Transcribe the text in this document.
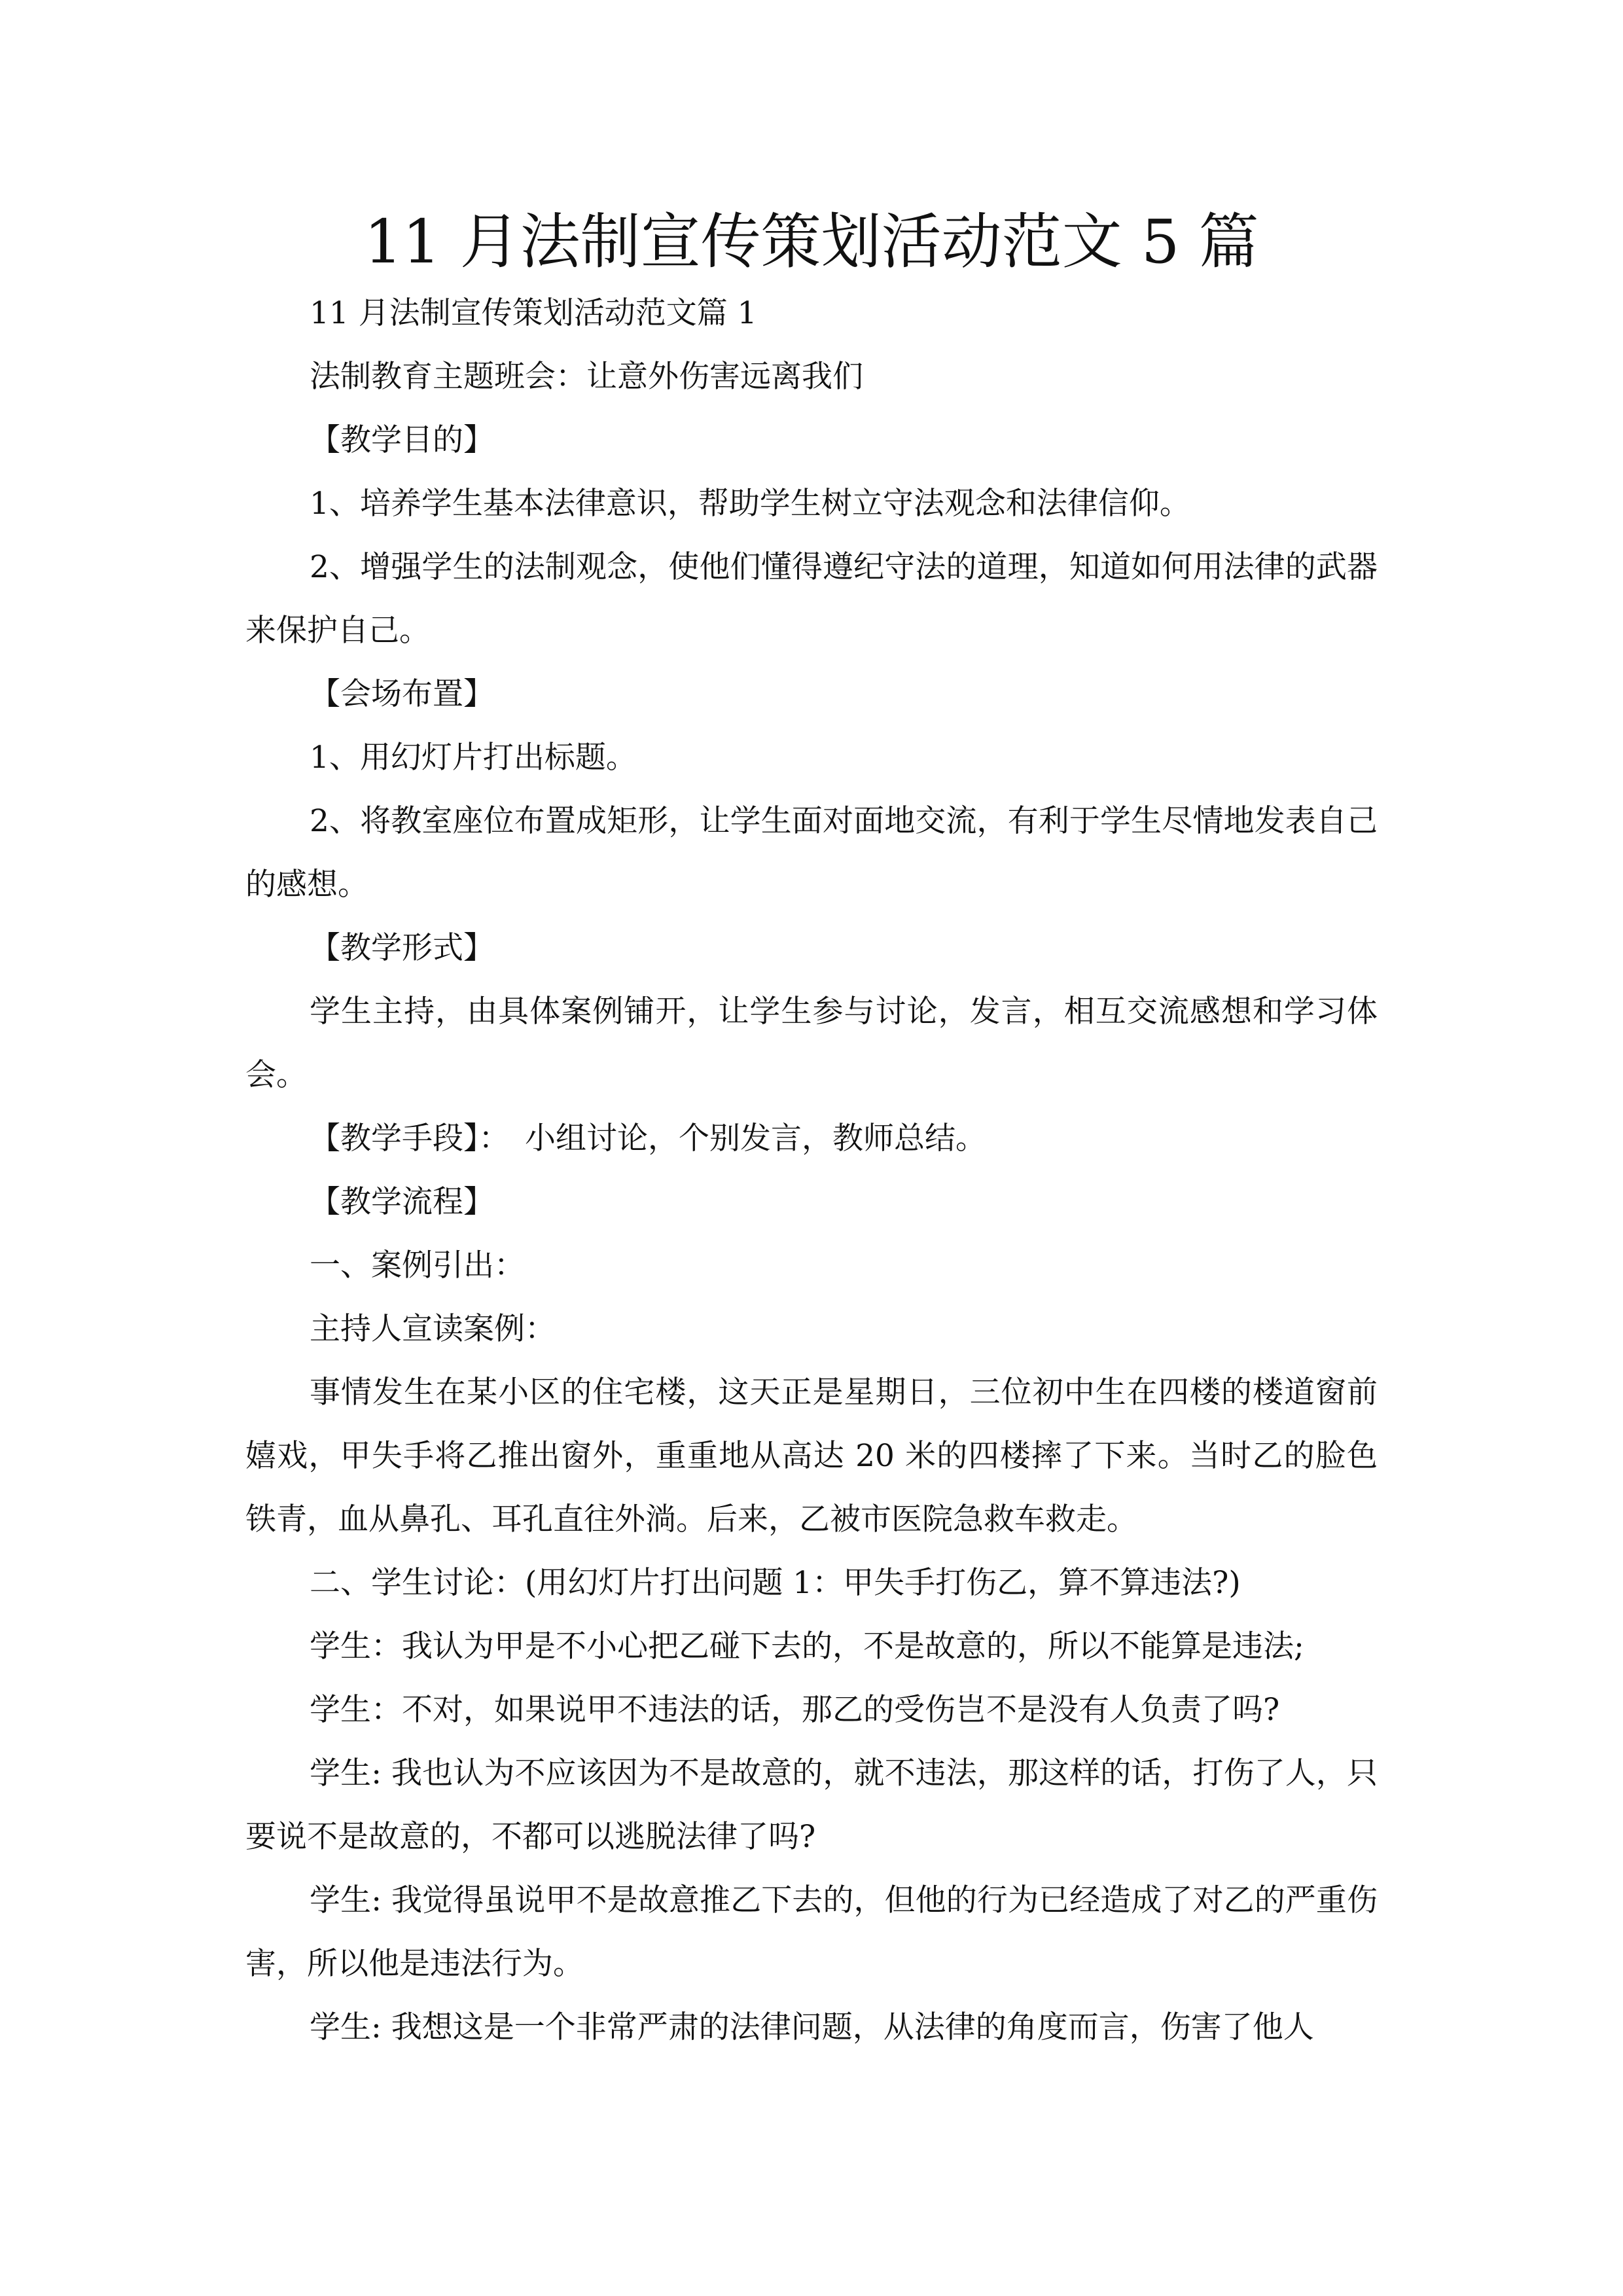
11 月法制宣传策划活动范文 5 篇

11 月法制宣传策划活动范文篇 1

法制教育主题班会：让意外伤害远离我们

【教学目的】

1、培养学生基本法律意识，帮助学生树立守法观念和法律信仰。

2、增强学生的法制观念，使他们懂得遵纪守法的道理，知道如何用法律的武器来保护自己。

【会场布置】

1、用幻灯片打出标题。

2、将教室座位布置成矩形，让学生面对面地交流，有利于学生尽情地发表自己的感想。

【教学形式】

学生主持，由具体案例铺开，让学生参与讨论，发言，相互交流感想和学习体会。

【教学手段】：　小组讨论，个别发言，教师总结。

【教学流程】

一、案例引出：

主持人宣读案例：

事情发生在某小区的住宅楼，这天正是星期日，三位初中生在四楼的楼道窗前嬉戏，甲失手将乙推出窗外，重重地从高达 20 米的四楼摔了下来。当时乙的脸色铁青，血从鼻孔、耳孔直往外淌。后来，乙被市医院急救车救走。

二、学生讨论：(用幻灯片打出问题 1：甲失手打伤乙，算不算违法?)

学生：我认为甲是不小心把乙碰下去的，不是故意的，所以不能算是违法;

学生：不对，如果说甲不违法的话，那乙的受伤岂不是没有人负责了吗?

学生: 我也认为不应该因为不是故意的，就不违法，那这样的话，打伤了人，只要说不是故意的，不都可以逃脱法律了吗?

学生: 我觉得虽说甲不是故意推乙下去的，但他的行为已经造成了对乙的严重伤害，所以他是违法行为。

学生: 我想这是一个非常严肃的法律问题，从法律的角度而言，伤害了他人
